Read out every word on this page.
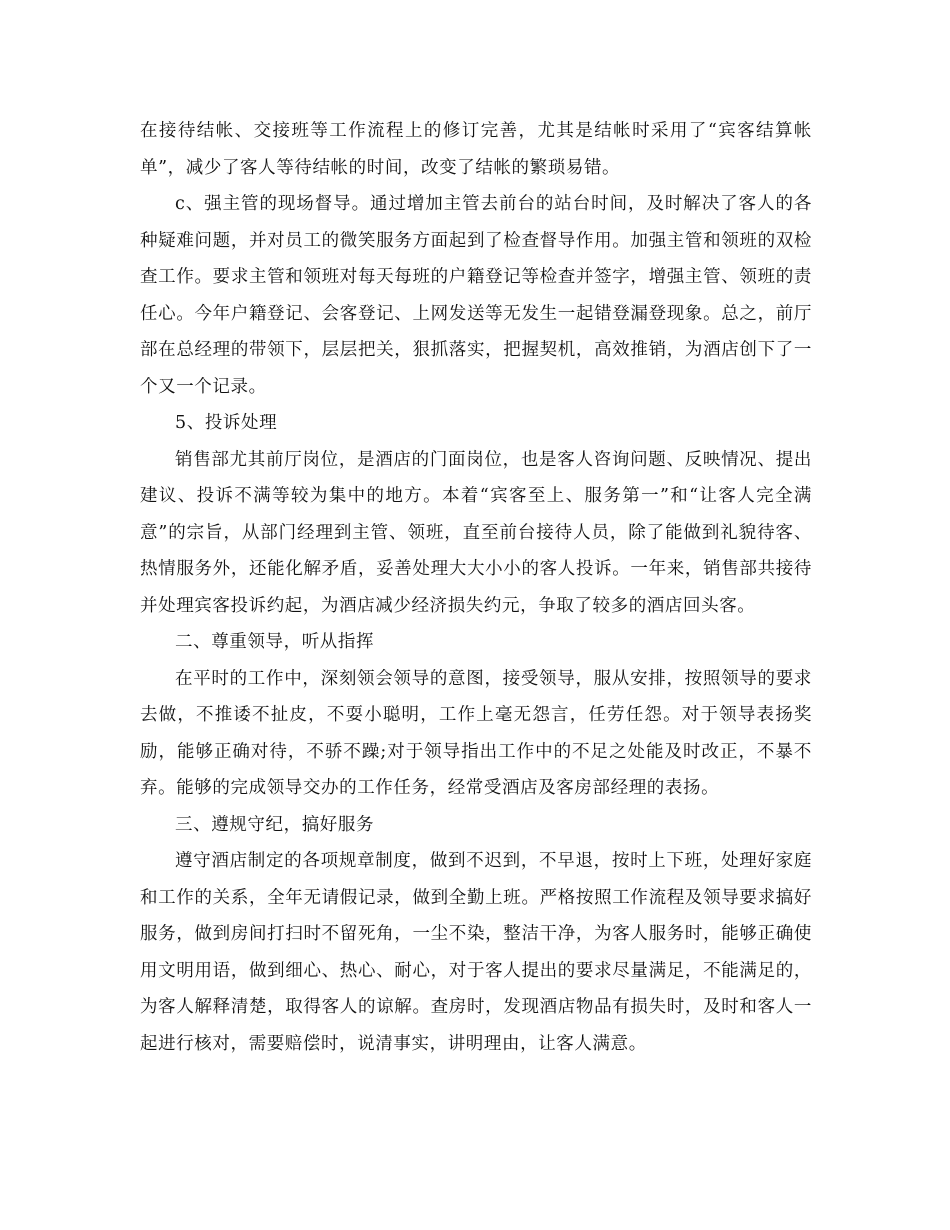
在接待结帐、交接班等工作流程上的修订完善，尤其是结帐时采用了“宾客结算帐单”，减少了客人等待结帐的时间，改变了结帐的繁琐易错。

c、强主管的现场督导。通过增加主管去前台的站台时间，及时解决了客人的各种疑难问题，并对员工的微笑服务方面起到了检查督导作用。加强主管和领班的双检查工作。要求主管和领班对每天每班的户籍登记等检查并签字，增强主管、领班的责任心。今年户籍登记、会客登记、上网发送等无发生一起错登漏登现象。总之，前厅部在总经理的带领下，层层把关，狠抓落实，把握契机，高效推销，为酒店创下了一个又一个记录。

5、投诉处理

销售部尤其前厅岗位，是酒店的门面岗位，也是客人咨询问题、反映情况、提出建议、投诉不满等较为集中的地方。本着“宾客至上、服务第一”和“让客人完全满意”的宗旨，从部门经理到主管、领班，直至前台接待人员，除了能做到礼貌待客、热情服务外，还能化解矛盾，妥善处理大大小小的客人投诉。一年来，销售部共接待并处理宾客投诉约起，为酒店减少经济损失约元，争取了较多的酒店回头客。

二、尊重领导，听从指挥

在平时的工作中，深刻领会领导的意图，接受领导，服从安排，按照领导的要求去做，不推诿不扯皮，不耍小聪明，工作上毫无怨言，任劳任怨。对于领导表扬奖励，能够正确对待，不骄不躁;对于领导指出工作中的不足之处能及时改正，不暴不弃。能够的完成领导交办的工作任务，经常受酒店及客房部经理的表扬。

三、遵规守纪，搞好服务

遵守酒店制定的各项规章制度，做到不迟到，不早退，按时上下班，处理好家庭和工作的关系，全年无请假记录，做到全勤上班。严格按照工作流程及领导要求搞好服务，做到房间打扫时不留死角，一尘不染，整洁干净，为客人服务时，能够正确使用文明用语，做到细心、热心、耐心，对于客人提出的要求尽量满足，不能满足的，为客人解释清楚，取得客人的谅解。查房时，发现酒店物品有损失时，及时和客人一起进行核对，需要赔偿时，说清事实，讲明理由，让客人满意。
